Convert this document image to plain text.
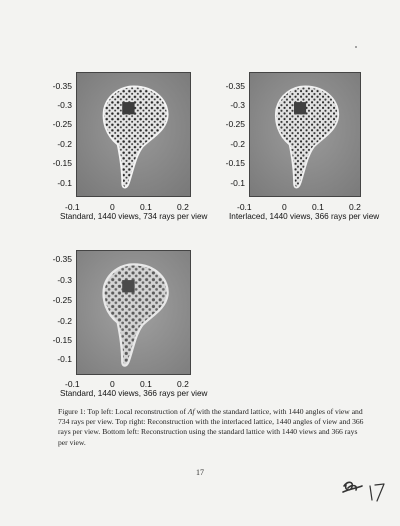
-0.35
-0.3
-0.25
-0.2
-0.15
-0.1
-0.1	0	0.1	0.2
Standard, 1440 views, 734 rays per view
-0.35
-0.3
-0.25
-0.2
-0.15
-0.1
-0.1	0	0.1	0.2
Interlaced, 1440 views, 366 rays per view
-0.35
-0.3
-0.25
-0.2
-0.15
-0.1
-0.1	0	0.1	0.2
Standard, 1440 views, 366 rays per view
Figure 1: Top left: Local reconstruction of Λf with the standard lattice, with 1440 angles of view and 734 rays per view. Top right: Reconstruction with the interlaced lattice, 1440 angles of view and 366 rays per view. Bottom left: Reconstruction using the standard lattice with 1440 views and 366 rays per view.
17
